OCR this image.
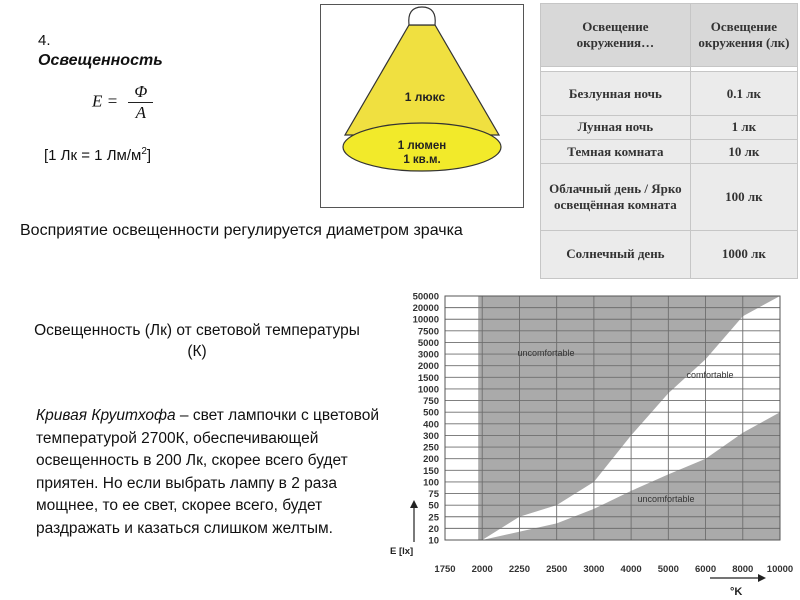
4.
Освещенность
$E = \frac{\Phi}{A}$
[1 Лк = 1 $Лм/м^2$]
Восприятие освещенности регулируется диаметром зрачка
Освещенность (Лк) от световой температуры (К)
Кривая Круитхофа – свет лампочки с цветовой температурой 2700К, обеспечивающей освещенность в 200 Лк, скорее всего будет приятен. Но если выбрать лампу в 2 раза мощнее, то ее свет, скорее всего, будет раздражать и казаться слишком желтым.
1 люкс
1 люмен
1 кв.м.
Освещение окружения…	Освещение окружения (лк)

Безлунная ночь	0.1 лк
Лунная ночь	1 лк
Темная комната	10 лк
Облачный день / Ярко освещённая комната	100 лк
Солнечный день	1000 лк
10
20
25
50
75
100
150
200
250
300
400
500
750
1000
1500
2000
3000
5000
7500
10000
20000
50000
1750 2000 2250 2500 3000 4000 5000 6000 8000 10000
uncomfortable
comfortable
uncomfortable
E [lx]
°K
